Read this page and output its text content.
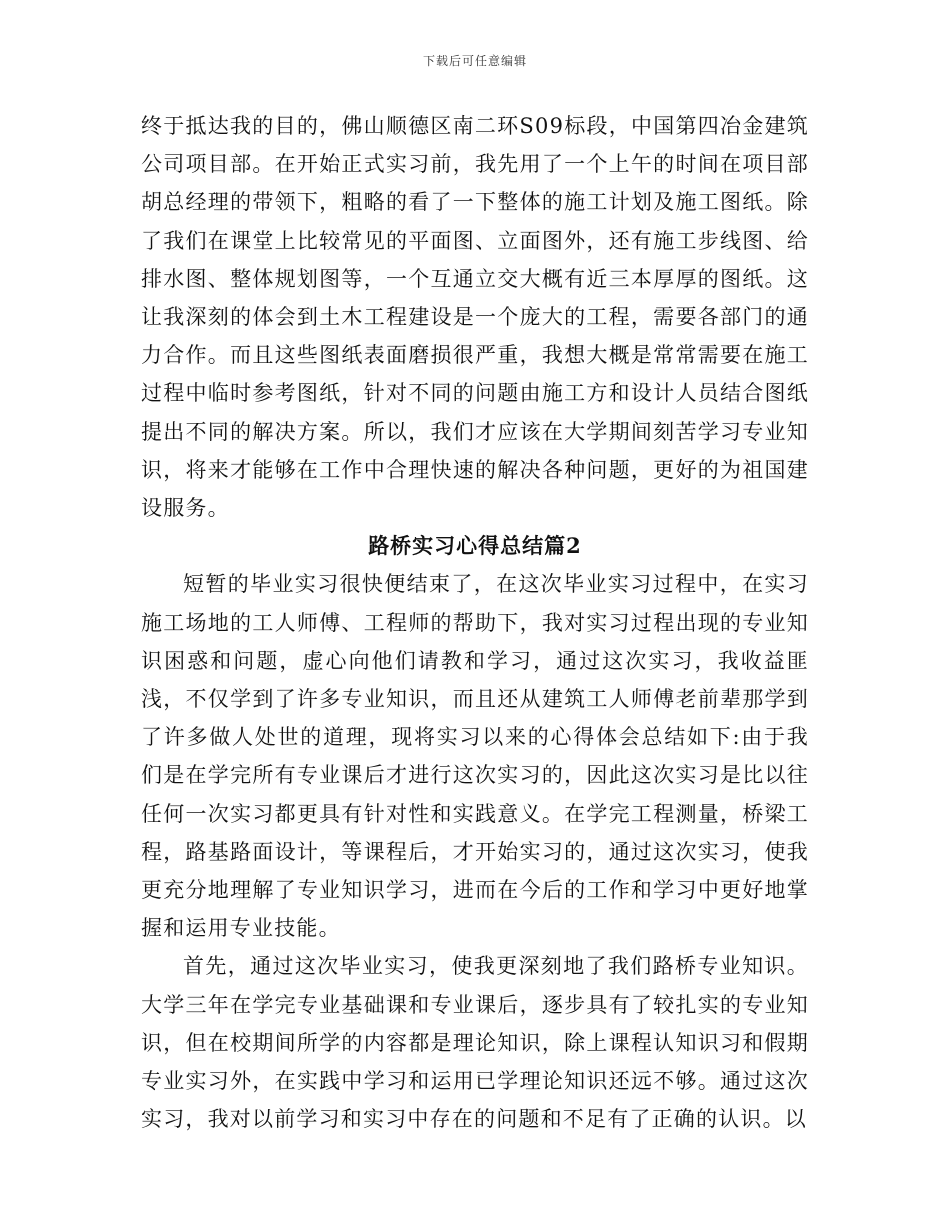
下载后可任意编辑

终于抵达我的目的，佛山顺德区南二环S09标段，中国第四冶金建筑公司项目部。在开始正式实习前，我先用了一个上午的时间在项目部胡总经理的带领下，粗略的看了一下整体的施工计划及施工图纸。除了我们在课堂上比较常见的平面图、立面图外，还有施工步线图、给排水图、整体规划图等，一个互通立交大概有近三本厚厚的图纸。这让我深刻的体会到土木工程建设是一个庞大的工程，需要各部门的通力合作。而且这些图纸表面磨损很严重，我想大概是常常需要在施工过程中临时参考图纸，针对不同的问题由施工方和设计人员结合图纸提出不同的解决方案。所以，我们才应该在大学期间刻苦学习专业知识，将来才能够在工作中合理快速的解决各种问题，更好的为祖国建设服务。

路桥实习心得总结篇2

短暂的毕业实习很快便结束了，在这次毕业实习过程中，在实习施工场地的工人师傅、工程师的帮助下，我对实习过程出现的专业知识困惑和问题，虚心向他们请教和学习，通过这次实习，我收益匪浅，不仅学到了许多专业知识，而且还从建筑工人师傅老前辈那学到了许多做人处世的道理，现将实习以来的心得体会总结如下:由于我们是在学完所有专业课后才进行这次实习的，因此这次实习是比以往任何一次实习都更具有针对性和实践意义。在学完工程测量，桥梁工程，路基路面设计，等课程后，才开始实习的，通过这次实习，使我更充分地理解了专业知识学习，进而在今后的工作和学习中更好地掌握和运用专业技能。

首先，通过这次毕业实习，使我更深刻地了我们路桥专业知识。大学三年在学完专业基础课和专业课后，逐步具有了较扎实的专业知识，但在校期间所学的内容都是理论知识，除上课程认知识习和假期专业实习外，在实践中学习和运用已学理论知识还远不够。通过这次实习，我对以前学习和实习中存在的问题和不足有了正确的认识。以
